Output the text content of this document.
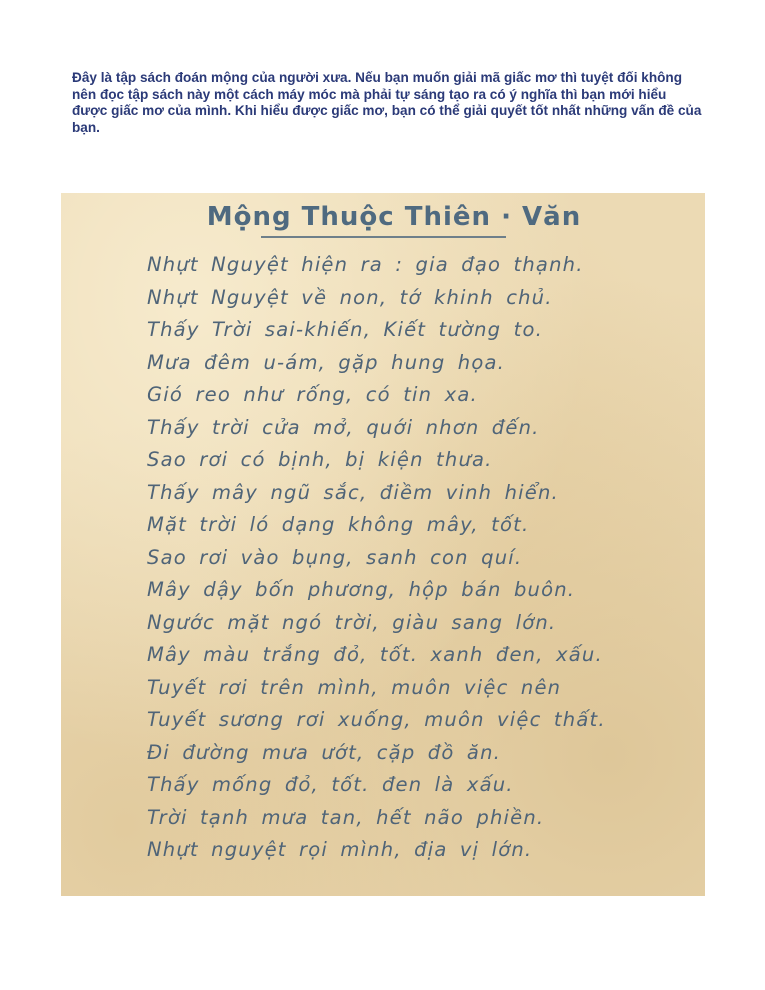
Đây là tập sách đoán mộng của người xưa. Nếu bạn muốn giải mã giấc mơ thì tuyệt đối không nên đọc tập sách này một cách máy móc mà phải tự sáng tạo ra có ý nghĩa thì bạn mới hiểu được giấc mơ của mình. Khi hiểu được giấc mơ, bạn có thể giải quyết tốt nhất những vấn đề của bạn.

Mộng Thuộc Thiên · Văn
Nhựt Nguyệt hiện ra : gia đạo thạnh.
Nhựt Nguyệt về non, tớ khinh chủ.
Thấy Trời sai-khiến, Kiết tường to.
Mưa đêm u-ám, gặp hung họa.
Gió reo như rống, có tin xa.
Thấy trời cửa mở, quới nhơn đến.
Sao rơi có bịnh, bị kiện thưa.
Thấy mây ngũ sắc, điềm vinh hiển.
Mặt trời ló dạng không mây, tốt.
Sao rơi vào bụng, sanh con quí.
Mây dậy bốn phương, hộp bán buôn.
Ngước mặt ngó trời, giàu sang lớn.
Mây màu trắng đỏ, tốt. xanh đen, xấu.
Tuyết rơi trên mình, muôn việc nên
Tuyết sương rơi xuống, muôn việc thất.
Đi đường mưa ướt, cặp đồ ăn.
Thấy mống đỏ, tốt. đen là xấu.
Trời tạnh mưa tan, hết não phiền.
Nhựt nguyệt rọi mình, địa vị lớn.
